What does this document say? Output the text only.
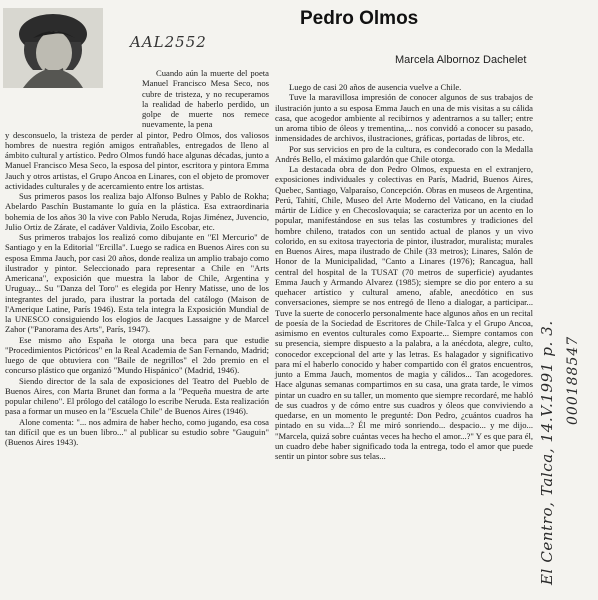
AAL2552
Pedro Olmos
Marcela Albornoz Dachelet

Cuando aún la muerte del poeta Manuel Francisco Mesa Seco, nos cubre de tristeza, y no recuperamos la realidad de haberlo perdido, un golpe de muerte nos remece nuevamente, la pena

y desconsuelo, la tristeza de perder al pintor, Pedro Olmos, dos valiosos hombres de nuestra región amigos entrañables, entregados de lleno al ámbito cultural y artístico. Pedro Olmos fundó hace algunas décadas, junto a Manuel Francisco Mesa Seco, la esposa del pintor, escritora y pintora Emma Jauch y otros artistas, el Grupo Ancoa en Linares, con el objeto de promover actividades culturales y de acercamiento entre los artistas.

Sus primeros pasos los realiza bajo Alfonso Bulnes y Pablo de Rokha; Abelardo Paschín Bustamante lo guía en la plástica. Esa extraordinaria bohemia de los años 30 la vive con Pablo Neruda, Rojas Jiménez, Juvencio, Julio Ortiz de Zárate, el cadáver Valdivia, Zoilo Escobar, etc.

Sus primeros trabajos los realizó como dibujante en "El Mercurio" de Santiago y en la Editorial "Ercilla". Luego se radica en Buenos Aires con su esposa Emma Jauch, por casi 20 años, donde realiza un amplio trabajo como ilustrador y pintor. Seleccionado para representar a Chile en "Arts Americana", exposición que muestra la labor de Chile, Argentina y Uruguay... Su "Danza del Toro" es elegida por Henry Matisse, uno de los integrantes del jurado, para ilustrar la portada del catálogo (Maison de l'Amerique Latine, París 1946). Esta tela integra la Exposición Mundial de la UNESCO consiguiendo los elogios de Jacques Lassaigne y de Marcel Zahor ("Panorama des Arts", París, 1947).

Ese mismo año España le otorga una beca para que estudie "Procedimientos Pictóricos" en la Real Academia de San Fernando, Madrid; luego de que obtuviera con "Baile de negrillos" el 2do premio en el concurso plástico que organizó "Mundo Hispánico" (Madrid, 1946).

Siendo director de la sala de exposiciones del Teatro del Pueblo de Buenos Aires, con Marta Brunet dan forma a la "Pequeña muestra de arte popular chileno". El prólogo del catálogo lo escribe Neruda. Esta realización pasa a formar un museo en la "Escuela Chile" de Buenos Aires (1946).

Alone comenta: "... nos admira de haber hecho, como jugando, esa cosa tan difícil que es un buen libro..." al publicar su estudio sobre "Gauguin" (Buenos Aires 1943).

Luego de casi 20 años de ausencia vuelve a Chile.

Tuve la maravillosa impresión de conocer algunos de sus trabajos de ilustración junto a su esposa Emma Jauch en una de mis visitas a su cálida casa, que acogedor ambiente al recibirnos y adentrarnos a su taller; entre un aroma tibio de óleos y trementina,... nos convidó a conocer su pasado, inmensidades de archivos, ilustraciones, gráficas, portadas de libros, etc.

Por sus servicios en pro de la cultura, es condecorado con la Medalla Andrés Bello, el máximo galardón que Chile otorga.

La destacada obra de don Pedro Olmos, expuesta en el extranjero, exposiciones individuales y colectivas en París, Madrid, Buenos Aires, Quebec, Santiago, Valparaíso, Concepción. Obras en museos de Argentina, Perú, Tahití, Chile, Museo del Arte Moderno del Vaticano, en la ciudad mártir de Lídice y en Checoslovaquia; se caracteriza por un acento en lo popular, manifestándose en sus telas las costumbres y tradiciones del hombre chileno, tratados con un sentido actual de planos y un vivo colorido, en su exitosa trayectoria de pintor, ilustrador, muralista; murales en Buenos Aires, mapa ilustrado de Chile (33 metros); Linares, Salón de Honor de la Municipalidad, "Canto a Linares (1976); Rancagua, hall central del hospital de la TUSAT (70 metros de superficie) ayudantes Emma Jauch y Armando Alvarez (1985); siempre se dio por entero a su quehacer artístico y cultural ameno, afable, anecdótico en sus conversaciones, siempre se nos entregó de lleno a dialogar, a participar... Tuve la suerte de conocerlo personalmente hace algunos años en un recital de poesía de la Sociedad de Escritores de Chile-Talca y el Grupo Ancoa, asimismo en eventos culturales como Expoarte... Siempre contamos con su presencia, siempre dispuesto a la palabra, a la anécdota, alegre, culto, conocedor excepcional del arte y las letras. Es halagador y significativo para mí el haberlo conocido y haber compartido con él gratos encuentros, junto a Emma Jauch, momentos de magia y cálidos... Tan acogedores. Hace algunas semanas compartimos en su casa, una grata tarde, le vimos pintar un cuadro en su taller, un momento que siempre recordaré, me habló de sus cuadros y de cómo entre sus cuadros y óleos que conviviendo a quedarse, en un momento le pregunté: Don Pedro, ¿cuántos cuadros ha pintado en su vida...? Él me miró sonriendo... despacio... y me dijo... "Marcela, quizá sobre cuántas veces ha hecho el amor...?" Y es que para él, un cuadro debe haber significado toda la entrega, todo el amor que puede sentir un pintor sobre sus telas...	El Centro, Talca, 14.V.1991 p. 3. 000188547
